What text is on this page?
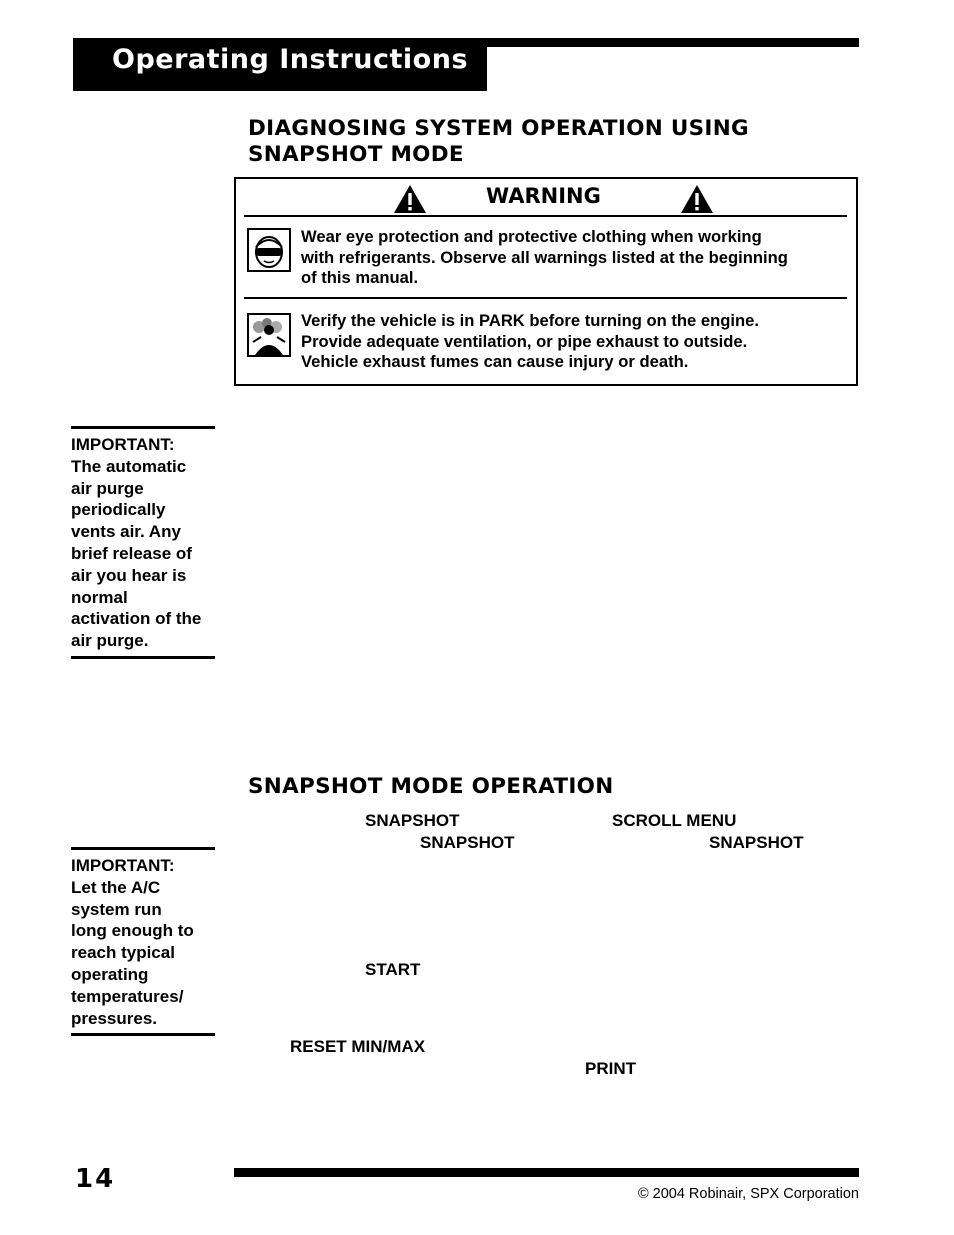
Operating Instructions
DIAGNOSING SYSTEM OPERATION USING
SNAPSHOT MODE
WARNING
Wear eye protection and protective clothing when working
with refrigerants. Observe all warnings listed at the beginning
of this manual.
Verify the vehicle is in PARK before turning on the engine.
Provide adequate ventilation, or pipe exhaust to outside.
Vehicle exhaust fumes can cause injury or death.
IMPORTANT:
The automatic
air purge
periodically
vents air. Any
brief release of
air you hear is
normal
activation of the
air purge.
SNAPSHOT MODE OPERATION
SNAPSHOT	SCROLL MENU
SNAPSHOT	SNAPSHOT
START
RESET MIN/MAX
PRINT
IMPORTANT:
Let the A/C
system run
long enough to
reach typical
operating
temperatures/
pressures.
14	© 2004 Robinair, SPX Corporation
